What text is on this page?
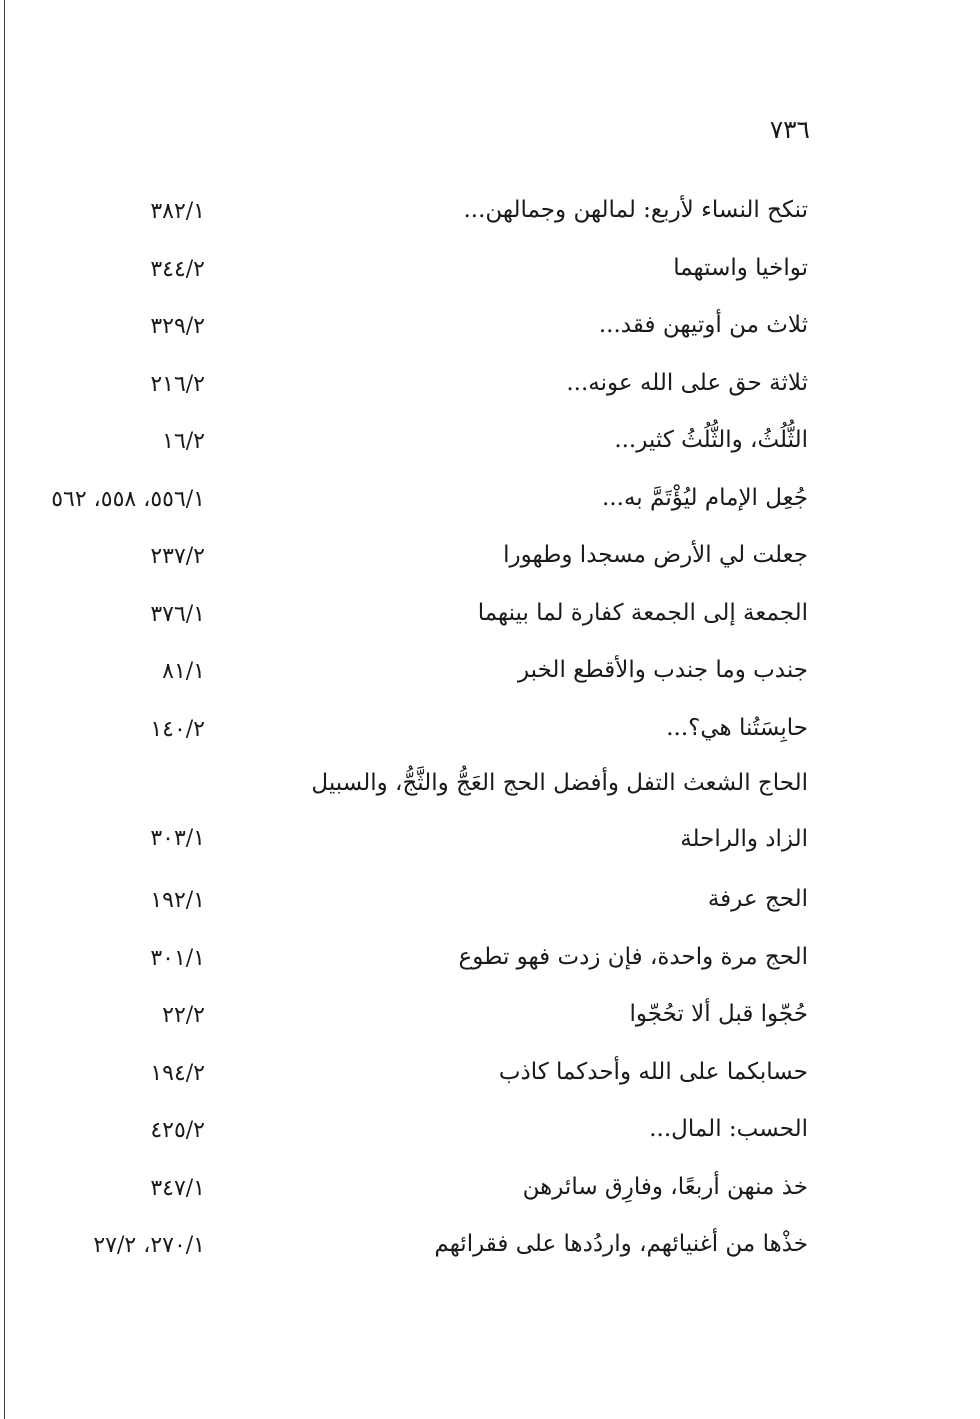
٧٣٦
تنكح النساء لأربع: لمالهن وجمالهن...
٣٨٢/١
تواخيا واستهما
٣٤٤/٢
ثلاث من أوتيهن فقد...
٣٢٩/٢
ثلاثة حق على الله عونه...
٢١٦/٢
الثُّلُثُ، والثُّلُثُ كثير...
١٦/٢
جُعِل الإمام ليُؤْتَمَّ به...
٥٥٦/١، ٥٥٨، ٥٦٢
جعلت لي الأرض مسجدا وطهورا
٢٣٧/٢
الجمعة إلى الجمعة كفارة لما بينهما
٣٧٦/١
جندب وما جندب والأقطع الخبر
٨١/١
حابِسَتُنا هي؟...
١٤٠/٢
الحاج الشعث التفل وأفضل الحج العَجُّ والثَّجُّ، والسبيل الزاد والراحلة
٣٠٣/١
الحج عرفة
١٩٢/١
الحج مرة واحدة، فإن زدت فهو تطوع
٣٠١/١
حُجّوا قبل ألا تحُجّوا
٢٢/٢
حسابكما على الله وأحدكما كاذب
١٩٤/٢
الحسب: المال...
٤٢٥/٢
خذ منهن أربعًا، وفارِق سائرهن
٣٤٧/١
خذْها من أغنيائهم، واردُدها على فقرائهم
٢٧٠/١، ٢٧/٢
